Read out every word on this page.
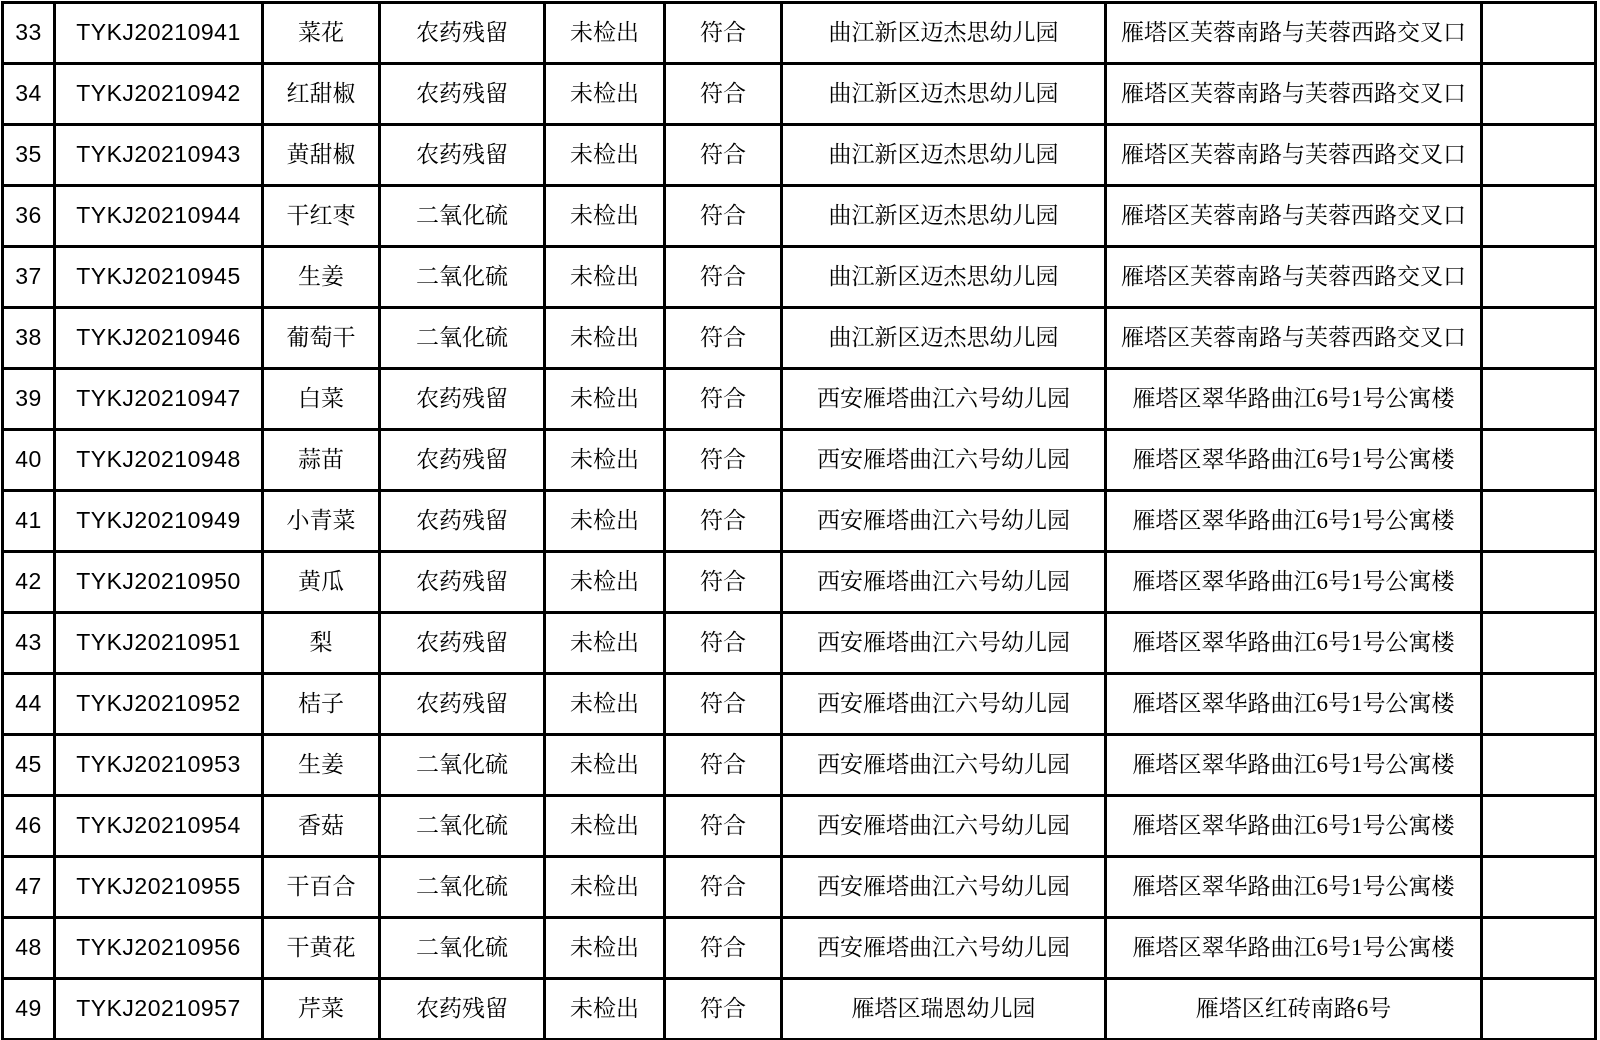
33	TYKJ20210941	菜花	农药残留	未检出	符合	曲江新区迈杰思幼儿园	雁塔区芙蓉南路与芙蓉西路交叉口	
34	TYKJ20210942	红甜椒	农药残留	未检出	符合	曲江新区迈杰思幼儿园	雁塔区芙蓉南路与芙蓉西路交叉口	
35	TYKJ20210943	黄甜椒	农药残留	未检出	符合	曲江新区迈杰思幼儿园	雁塔区芙蓉南路与芙蓉西路交叉口	
36	TYKJ20210944	干红枣	二氧化硫	未检出	符合	曲江新区迈杰思幼儿园	雁塔区芙蓉南路与芙蓉西路交叉口	
37	TYKJ20210945	生姜	二氧化硫	未检出	符合	曲江新区迈杰思幼儿园	雁塔区芙蓉南路与芙蓉西路交叉口	
38	TYKJ20210946	葡萄干	二氧化硫	未检出	符合	曲江新区迈杰思幼儿园	雁塔区芙蓉南路与芙蓉西路交叉口	
39	TYKJ20210947	白菜	农药残留	未检出	符合	西安雁塔曲江六号幼儿园	雁塔区翠华路曲江6号1号公寓楼	
40	TYKJ20210948	蒜苗	农药残留	未检出	符合	西安雁塔曲江六号幼儿园	雁塔区翠华路曲江6号1号公寓楼	
41	TYKJ20210949	小青菜	农药残留	未检出	符合	西安雁塔曲江六号幼儿园	雁塔区翠华路曲江6号1号公寓楼	
42	TYKJ20210950	黄瓜	农药残留	未检出	符合	西安雁塔曲江六号幼儿园	雁塔区翠华路曲江6号1号公寓楼	
43	TYKJ20210951	梨	农药残留	未检出	符合	西安雁塔曲江六号幼儿园	雁塔区翠华路曲江6号1号公寓楼	
44	TYKJ20210952	桔子	农药残留	未检出	符合	西安雁塔曲江六号幼儿园	雁塔区翠华路曲江6号1号公寓楼	
45	TYKJ20210953	生姜	二氧化硫	未检出	符合	西安雁塔曲江六号幼儿园	雁塔区翠华路曲江6号1号公寓楼	
46	TYKJ20210954	香菇	二氧化硫	未检出	符合	西安雁塔曲江六号幼儿园	雁塔区翠华路曲江6号1号公寓楼	
47	TYKJ20210955	干百合	二氧化硫	未检出	符合	西安雁塔曲江六号幼儿园	雁塔区翠华路曲江6号1号公寓楼	
48	TYKJ20210956	干黄花	二氧化硫	未检出	符合	西安雁塔曲江六号幼儿园	雁塔区翠华路曲江6号1号公寓楼	
49	TYKJ20210957	芹菜	农药残留	未检出	符合	雁塔区瑞恩幼儿园	雁塔区红砖南路6号	
